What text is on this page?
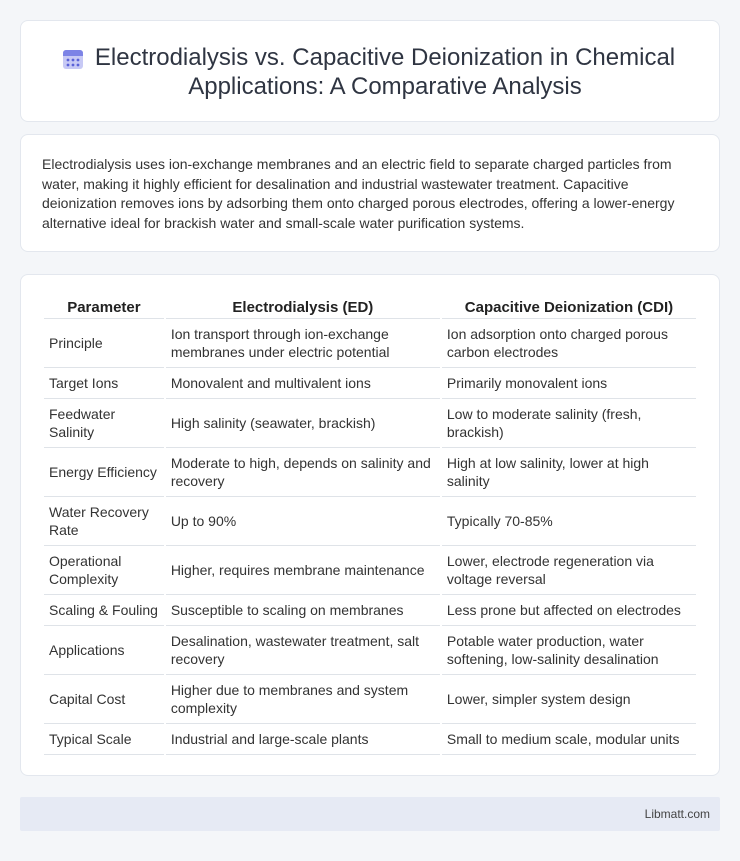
Electrodialysis vs. Capacitive Deionization in Chemical Applications: A Comparative Analysis

Electrodialysis uses ion-exchange membranes and an electric field to separate charged particles from water, making it highly efficient for desalination and industrial wastewater treatment. Capacitive deionization removes ions by adsorbing them onto charged porous electrodes, offering a lower-energy alternative ideal for brackish water and small-scale water purification systems.

Parameter	Electrodialysis (ED)	Capacitive Deionization (CDI)
Principle	Ion transport through ion-exchange membranes under electric potential	Ion adsorption onto charged porous carbon electrodes
Target Ions	Monovalent and multivalent ions	Primarily monovalent ions
Feedwater Salinity	High salinity (seawater, brackish)	Low to moderate salinity (fresh, brackish)
Energy Efficiency	Moderate to high, depends on salinity and recovery	High at low salinity, lower at high salinity
Water Recovery Rate	Up to 90%	Typically 70-85%
Operational Complexity	Higher, requires membrane maintenance	Lower, electrode regeneration via voltage reversal
Scaling & Fouling	Susceptible to scaling on membranes	Less prone but affected on electrodes
Applications	Desalination, wastewater treatment, salt recovery	Potable water production, water softening, low-salinity desalination
Capital Cost	Higher due to membranes and system complexity	Lower, simpler system design
Typical Scale	Industrial and large-scale plants	Small to medium scale, modular units
Libmatt.com
